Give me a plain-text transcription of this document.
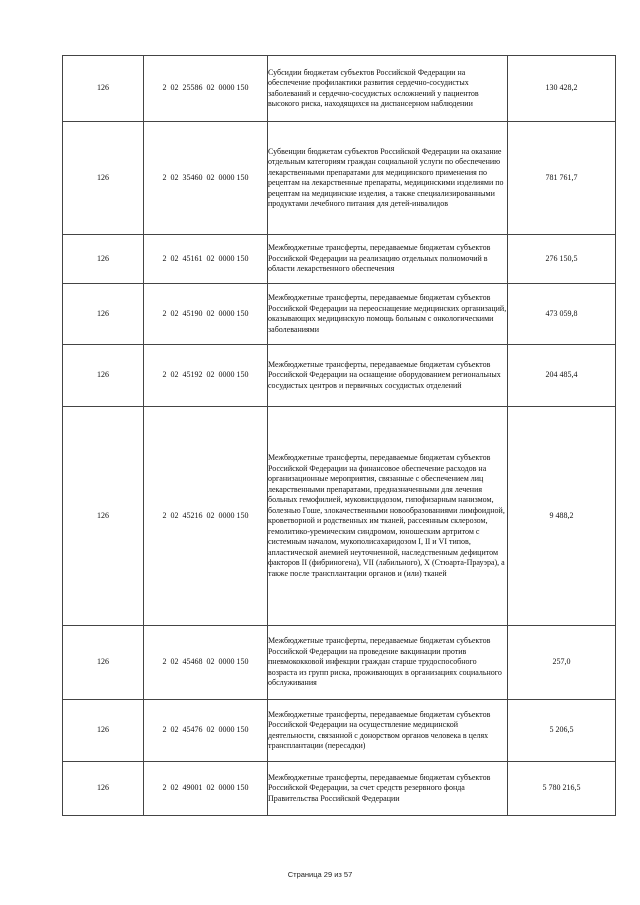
126	2  02  25586  02  0000 150	Субсидии бюджетам субъектов Российской Федерации на обеспечение профилактики развития сердечно-сосудистых заболеваний и сердечно-сосудистых осложнений у пациентов высокого риска, находящихся на диспансерном наблюдении	130 428,2
126	2  02  35460  02  0000 150	Субвенции бюджетам субъектов Российской Федерации на оказание отдельным категориям граждан социальной услуги по обеспечению лекарственными препаратами для медицинского применения по рецептам на лекарственные препараты, медицинскими изделиями по рецептам на медицинские изделия, а также специализированными продуктами лечебного питания для детей-инвалидов	781 761,7
126	2  02  45161  02  0000 150	Межбюджетные трансферты, передаваемые бюджетам субъектов Российской Федерации на реализацию отдельных полномочий в области лекарственного обеспечения	276 150,5
126	2  02  45190  02  0000 150	Межбюджетные трансферты, передаваемые бюджетам субъектов Российской Федерации на переоснащение медицинских организаций, оказывающих медицинскую помощь больным с онкологическими заболеваниями	473 059,8
126	2  02  45192  02  0000 150	Межбюджетные трансферты, передаваемые бюджетам субъектов Российской Федерации на оснащение оборудованием региональных сосудистых центров и первичных сосудистых отделений	204 485,4
126	2  02  45216  02  0000 150	Межбюджетные трансферты, передаваемые бюджетам субъектов Российской Федерации на финансовое обеспечение расходов на организационные мероприятия, связанные с обеспечением лиц лекарственными препаратами, предназначенными для лечения больных гемофилией, муковисцидозом, гипофизарным нанизмом, болезнью Гоше, злокачественными новообразованиями лимфоидной, кроветворной и родственных им тканей, рассеянным склерозом, гемолитико-уремическим синдромом, юношеским артритом с системным началом, мукополисахаридозом I, II и VI типов, апластической анемией неуточненной, наследственным дефицитом факторов II (фибриногена), VII (лабильного), X (Стюарта-Прауэра), а также после трансплантации органов и (или) тканей	9 488,2
126	2  02  45468  02  0000 150	Межбюджетные трансферты, передаваемые бюджетам субъектов Российской Федерации на проведение вакцинации против пневмококковой инфекции граждан старше трудоспособного возраста из групп риска, проживающих в организациях социального обслуживания	257,0
126	2  02  45476  02  0000 150	Межбюджетные трансферты, передаваемые бюджетам субъектов Российской Федерации на осуществление медицинской деятельности, связанной с донорством органов человека в целях трансплантации (пересадки)	5 206,5
126	2  02  49001  02  0000 150	Межбюджетные трансферты, передаваемые бюджетам субъектов Российской Федерации, за счет средств резервного фонда Правительства Российской Федерации	5 780 216,5
Страница 29 из 57
